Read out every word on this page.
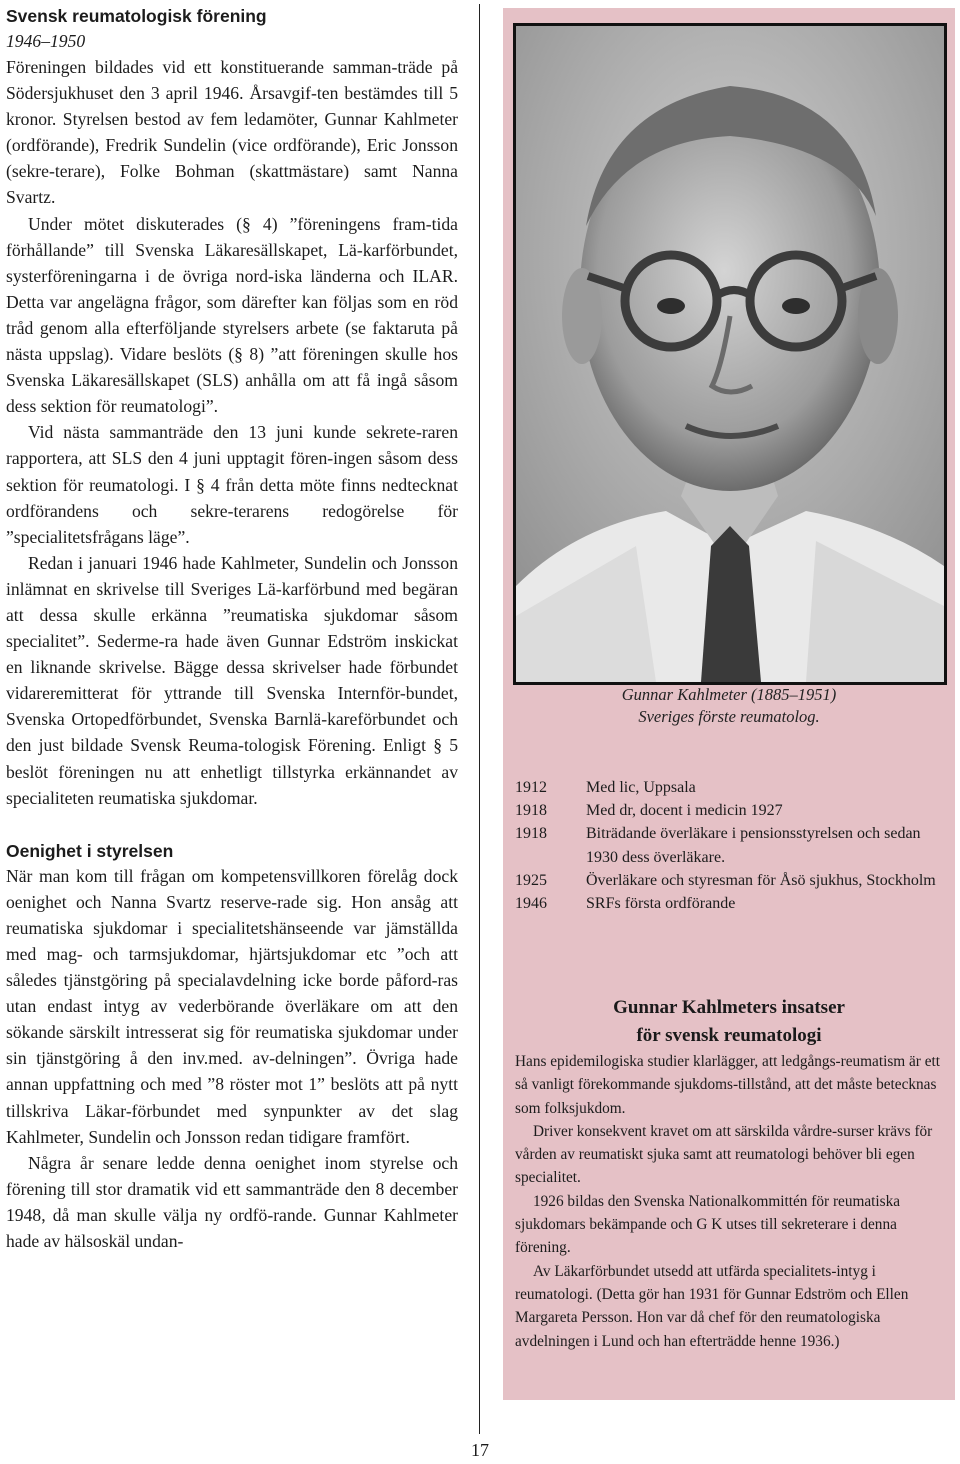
Svensk reumatologisk förening
1946–1950

Föreningen bildades vid ett konstituerande samman-träde på Södersjukhuset den 3 april 1946. Årsavgif-ten bestämdes till 5 kronor. Styrelsen bestod av fem ledamöter, Gunnar Kahlmeter (ordförande), Fredrik Sundelin (vice ordförande), Eric Jonsson (sekre-terare), Folke Bohman (skattmästare) samt Nanna Svartz.

Under mötet diskuterades (§ 4) ”föreningens fram-tida förhållande” till Svenska Läkaresällskapet, Lä-karförbundet, systerföreningarna i de övriga nord-iska länderna och ILAR. Detta var angelägna frågor, som därefter kan följas som en röd tråd genom alla efterföljande styrelsers arbete (se faktaruta på nästa uppslag). Vidare beslöts (§ 8) ”att föreningen skulle hos Svenska Läkaresällskapet (SLS) anhålla om att få ingå såsom dess sektion för reumatologi”.

Vid nästa sammanträde den 13 juni kunde sekrete-raren rapportera, att SLS den 4 juni upptagit fören-ingen såsom dess sektion för reumatologi. I § 4 från detta möte finns nedtecknat ordförandens och sekre-terarens redogörelse för ”specialitetsfrågans läge”.

Redan i januari 1946 hade Kahlmeter, Sundelin och Jonsson inlämnat en skrivelse till Sveriges Lä-karförbund med begäran att dessa skulle erkänna ”reumatiska sjukdomar såsom specialitet”. Sederme-ra hade även Gunnar Edström inskickat en liknande skrivelse. Bägge dessa skrivelser hade förbundet vidareremitterat för yttrande till Svenska Internför-bundet, Svenska Ortopedförbundet, Svenska Barnlä-kareförbundet och den just bildade Svensk Reuma-tologisk Förening. Enligt § 5 beslöt föreningen nu att enhetligt tillstyrka erkännandet av specialiteten reumatiska sjukdomar.

Oenighet i styrelsen

När man kom till frågan om kompetensvillkoren förelåg dock oenighet och Nanna Svartz reserve-rade sig. Hon ansåg att reumatiska sjukdomar i specialitetshänseende var jämställda med mag- och tarmsjukdomar, hjärtsjukdomar etc ”och att således tjänstgöring på specialavdelning icke borde påford-ras utan endast intyg av vederbörande överläkare om att den sökande särskilt intresserat sig för reumatiska sjukdomar under sin tjänstgöring å den inv.med. av-delningen”. Övriga hade annan uppfattning och med ”8 röster mot 1” beslöts att på nytt tillskriva Läkar-förbundet med synpunkter av det slag Kahlmeter, Sundelin och Jonsson redan tidigare framfört.

Några år senare ledde denna oenighet inom styrelse och förening till stor dramatik vid ett sammanträde den 8 december 1948, då man skulle välja ny ordfö-rande. Gunnar Kahlmeter hade av hälsoskäl undan-

Gunnar Kahlmeter (1885–1951)
Sveriges förste reumatolog.
1912	Med lic, Uppsala
1918	Med dr, docent i medicin 1927
1918	Biträdande överläkare i pensionsstyrelsen och sedan 1930 dess överläkare.
1925	Överläkare och styresman för Åsö sjukhus, Stockholm
1946	SRFs första ordförande
Gunnar Kahlmeters insatser
för svensk reumatologi

Hans epidemilogiska studier klarlägger, att ledgångs-reumatism är ett så vanligt förekommande sjukdoms-tillstånd, att det måste betecknas som folksjukdom.

Driver konsekvent kravet om att särskilda vårdre-surser krävs för vården av reumatiskt sjuka samt att reumatologi behöver bli egen specialitet.

1926 bildas den Svenska Nationalkommittén för reumatiska sjukdomars bekämpande och G K utses till sekreterare i denna förening.

Av Läkarförbundet utsedd att utfärda specialitets-intyg i reumatologi. (Detta gör han 1931 för Gunnar Edström och Ellen Margareta Persson. Hon var då chef för den reumatologiska avdelningen i Lund och han efterträdde henne 1936.)

17
